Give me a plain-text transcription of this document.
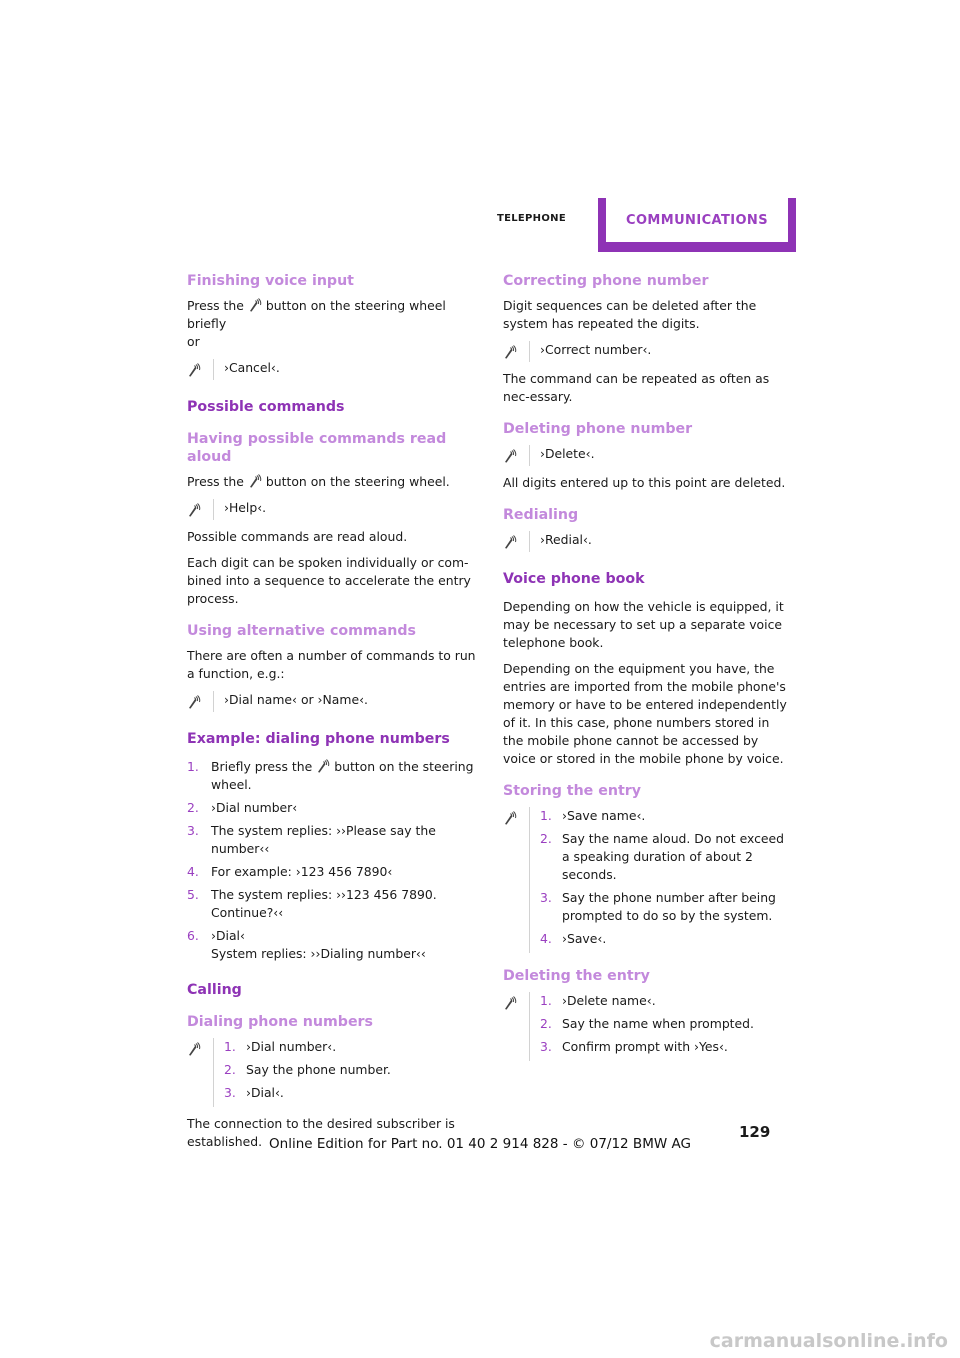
TELEPHONE	COMMUNICATIONS
Finishing voice input

Press the button on the steering wheel briefly
or

›Cancel‹.
Possible commands
Having possible commands read aloud

Press the button on the steering wheel.

›Help‹.

Possible commands are read aloud.

Each digit can be spoken individually or com-bined into a sequence to accelerate the entry process.

Using alternative commands

There are often a number of commands to run a function, e.g.:

›Dial name‹ or ›Name‹.
Example: dialing phone numbers
1. Briefly press the button on the steering wheel.
2. ›Dial number‹
3. The system replies: ››Please say the number‹‹
4. For example: ›123 456 7890‹
5. The system replies: ››123 456 7890. Continue?‹‹
6. ›Dial‹
System replies: ››Dialing number‹‹
Calling
Dialing phone numbers
1. ›Dial number‹.
2. Say the phone number.
3. ›Dial‹.

The connection to the desired subscriber is established.

Correcting phone number

Digit sequences can be deleted after the system has repeated the digits.

›Correct number‹.

The command can be repeated as often as nec-essary.

Deleting phone number
›Delete‹.

All digits entered up to this point are deleted.

Redialing
›Redial‹.
Voice phone book

Depending on how the vehicle is equipped, it may be necessary to set up a separate voice telephone book.

Depending on the equipment you have, the entries are imported from the mobile phone's memory or have to be entered independently of it. In this case, phone numbers stored in the mobile phone cannot be accessed by voice or stored in the mobile phone by voice.

Storing the entry
1. ›Save name‹.
2. Say the name aloud. Do not exceed a speaking duration of about 2 seconds.
3. Say the phone number after being prompted to do so by the system.
4. ›Save‹.
Deleting the entry
1. ›Delete name‹.
2. Say the name when prompted.
3. Confirm prompt with ›Yes‹.
129
Online Edition for Part no. 01 40 2 914 828 - © 07/12 BMW AG
carmanualsonline.info
